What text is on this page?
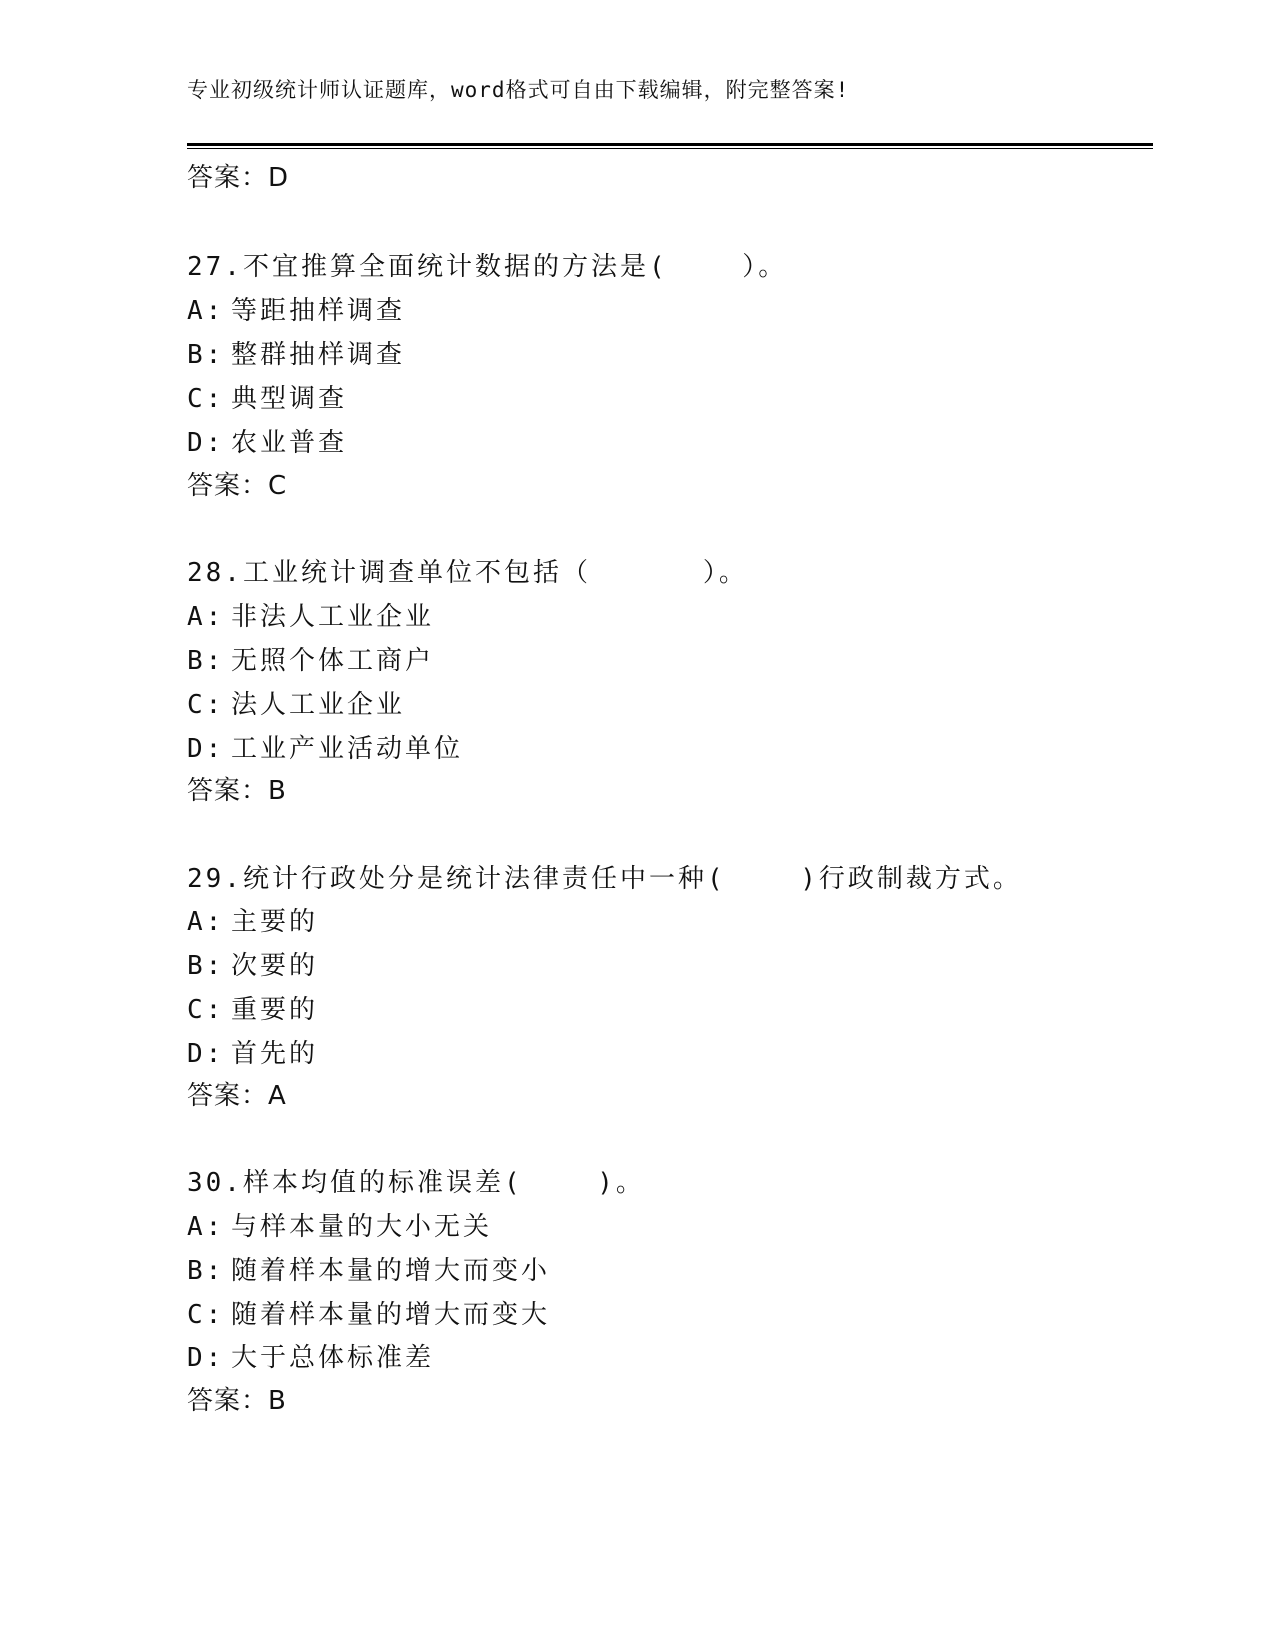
专业初级统计师认证题库，word格式可自由下载编辑，附完整答案!
答案：D
27.不宜推算全面统计数据的方法是(    ）。
A: 等距抽样调查
B: 整群抽样调查
C: 典型调查
D: 农业普查
答案：C
28.工业统计调查单位不包括（      ）。
A: 非法人工业企业
B: 无照个体工商户
C: 法人工业企业
D: 工业产业活动单位
答案：B
29.统计行政处分是统计法律责任中一种(    )行政制裁方式。
A: 主要的
B: 次要的
C: 重要的
D: 首先的
答案：A
30.样本均值的标准误差(    )。
A: 与样本量的大小无关
B: 随着样本量的增大而变小
C: 随着样本量的增大而变大
D: 大于总体标准差
答案：B
